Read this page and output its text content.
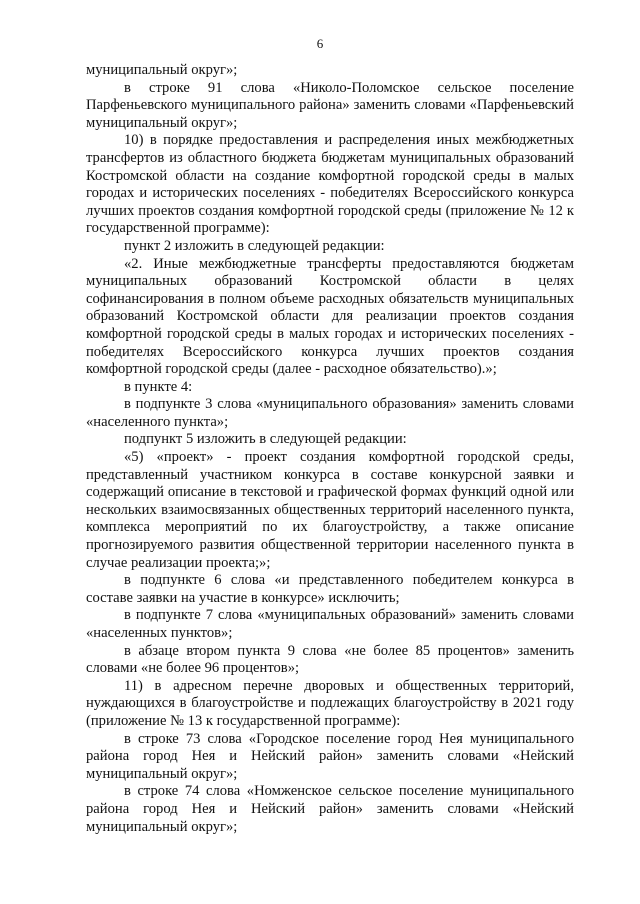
6

муниципальный округ»;

в строке 91 слова «Николо-Поломское сельское поселение Парфеньевского муниципального района» заменить словами «Парфеньевский муниципальный округ»;

10) в порядке предоставления и распределения иных межбюджетных трансфертов из областного бюджета бюджетам муниципальных образований Костромской области на создание комфортной городской среды в малых городах и исторических поселениях - победителях Всероссийского конкурса лучших проектов создания комфортной городской среды (приложение № 12 к государственной программе):

пункт 2 изложить в следующей редакции:

«2. Иные межбюджетные трансферты предоставляются бюджетам муниципальных образований Костромской области в целях софинансирования в полном объеме расходных обязательств муниципальных образований Костромской области для реализации проектов создания комфортной городской среды в малых городах и исторических поселениях - победителях Всероссийского конкурса лучших проектов создания комфортной городской среды (далее - расходное обязательство).»;

в пункте 4:

в подпункте 3 слова «муниципального образования» заменить словами «населенного пункта»;

подпункт 5 изложить в следующей редакции:

«5) «проект» - проект создания комфортной городской среды, представленный участником конкурса в составе конкурсной заявки и содержащий описание в текстовой и графической формах функций одной или нескольких взаимосвязанных общественных территорий населенного пункта, комплекса мероприятий по их благоустройству, а также описание прогнозируемого развития общественной территории населенного пункта в случае реализации проекта;»;

в подпункте 6 слова «и представленного победителем конкурса в составе заявки на участие в конкурсе» исключить;

в подпункте 7 слова «муниципальных образований» заменить словами «населенных пунктов»;

в абзаце втором пункта 9 слова «не более 85 процентов» заменить словами «не более 96 процентов»;

11) в адресном перечне дворовых и общественных территорий, нуждающихся в благоустройстве и подлежащих благоустройству в 2021 году (приложение № 13 к государственной программе):

в строке 73 слова «Городское поселение город Нея муниципального района город Нея и Нейский район» заменить словами «Нейский муниципальный округ»;

в строке 74 слова «Номженское сельское поселение муниципального района город Нея и Нейский район» заменить словами «Нейский муниципальный округ»;
